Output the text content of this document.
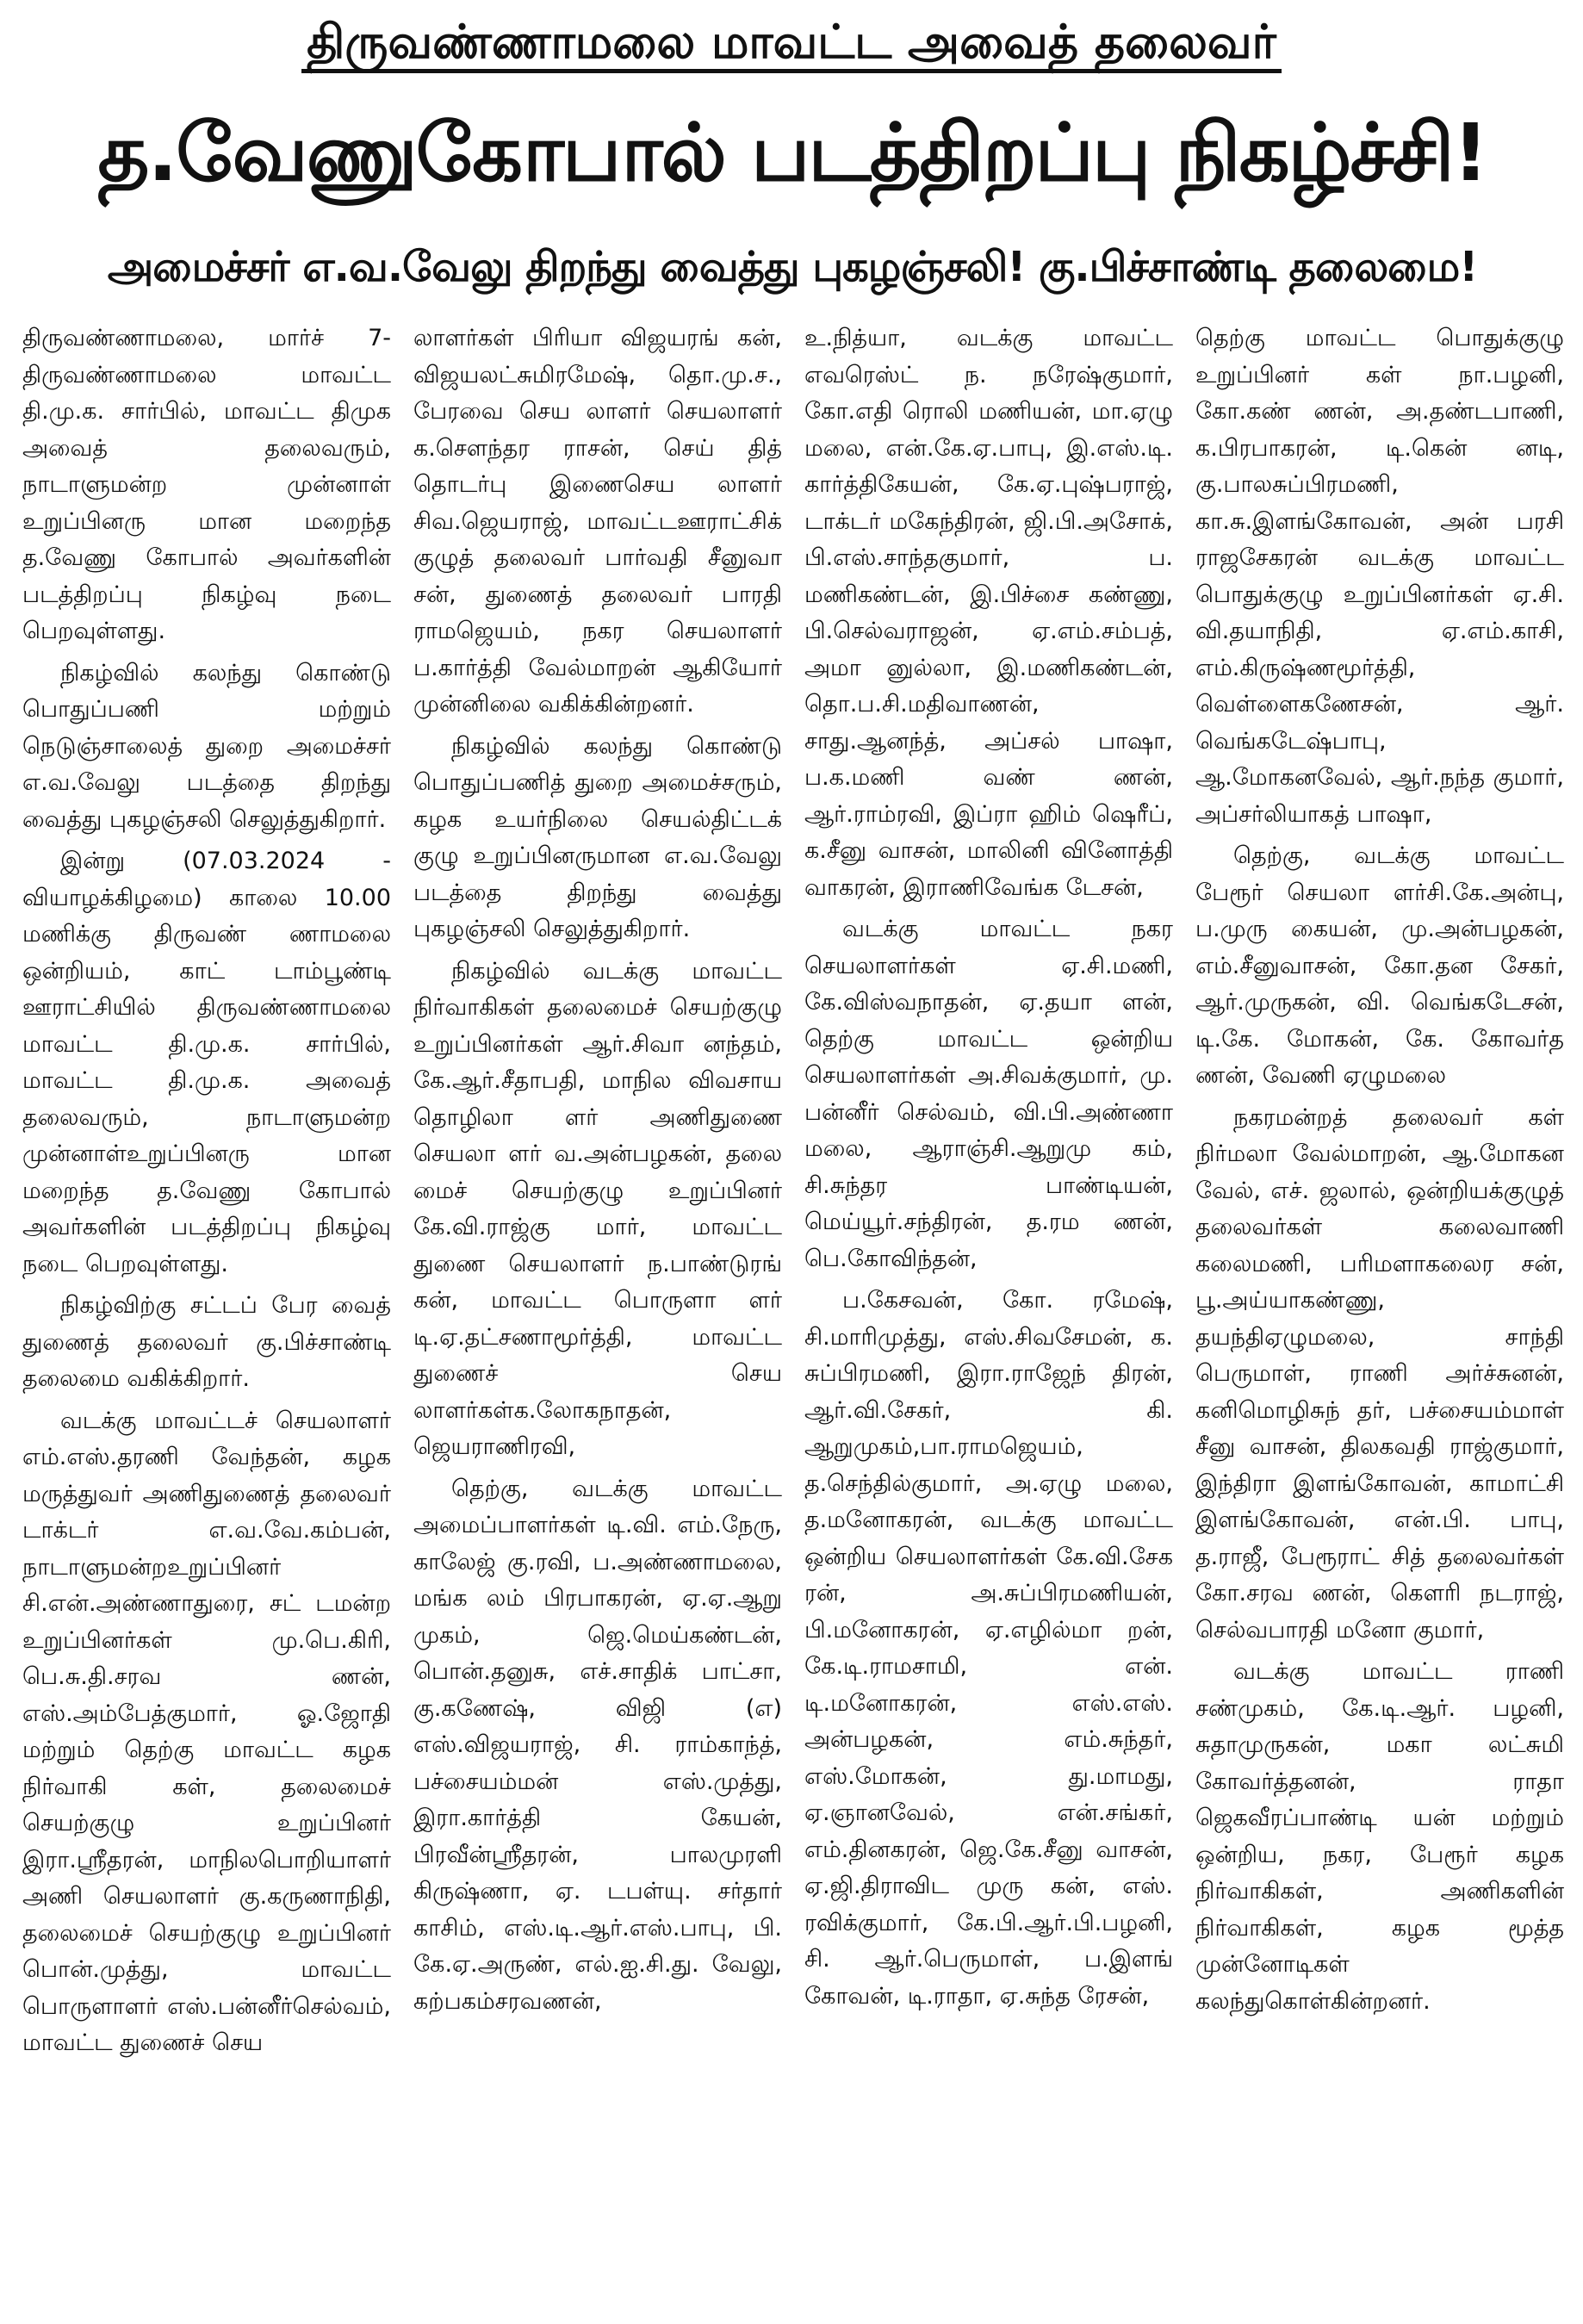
திருவண்ணாமலை மாவட்ட அவைத் தலைவர்
த.வேணுகோபால் படத்திறப்பு நிகழ்ச்சி!
அமைச்சர் எ.வ.வேலு திறந்து வைத்து புகழஞ்சலி! கு.பிச்சாண்டி தலைமை!

திருவண்ணாமலை, மார்ச் 7- திருவண்ணாமலை மாவட்ட தி.மு.க. சார்பில், மாவட்ட திமுக அவைத் தலைவரும், நாடாளுமன்ற முன்னாள் உறுப்பினரு மான மறைந்த த.வேணு கோபால் அவர்களின் படத்திறப்பு நிகழ்வு நடை பெறவுள்ளது.

நிகழ்வில் கலந்து கொண்டு பொதுப்பணி மற்றும் நெடுஞ்சாலைத் துறை அமைச்சர் எ.வ.வேலு படத்தை திறந்து வைத்து புகழஞ்சலி செலுத்துகிறார்.

இன்று (07.03.2024 - வியாழக்கிழமை) காலை 10.00 மணிக்கு திருவண் ணாமலை ஒன்றியம், காட் டாம்பூண்டி ஊராட்சியில் திருவண்ணாமலை மாவட்ட தி.மு.க. சார்பில், மாவட்ட தி.மு.க. அவைத் தலைவரும், நாடாளுமன்ற முன்னாள்உறுப்பினரு மான மறைந்த த.வேணு கோபால் அவர்களின் படத்திறப்பு நிகழ்வு நடை பெறவுள்ளது.

நிகழ்விற்கு சட்டப் பேர வைத் துணைத் தலைவர் கு.பிச்சாண்டி தலைமை வகிக்கிறார்.

வடக்கு மாவட்டச் செயலாளர் எம்.எஸ்.தரணி வேந்தன், கழக மருத்துவர் அணிதுணைத் தலைவர் டாக்டர் எ.வ.வே.கம்பன், நாடாளுமன்றஉறுப்பினர் சி.என்.அண்ணாதுரை, சட் டமன்ற உறுப்பினர்கள் மு.பெ.கிரி, பெ.சு.தி.சரவ ணன், எஸ்.அம்பேத்குமார், ஓ.ஜோதி மற்றும் தெற்கு மாவட்ட கழக நிர்வாகி கள், தலைமைச் செயற்குழு உறுப்பினர் இரா.ஸ்ரீதரன், மாநிலபொறியாளர் அணி செயலாளர் கு.கருணாநிதி, தலைமைச் செயற்குழு உறுப்பினர் பொன்.முத்து, மாவட்ட பொருளாளர் எஸ்.பன்னீர்செல்வம், மாவட்ட துணைச் செய

லாளர்கள் பிரியா விஜயரங் கன், விஜயலட்சுமிரமேஷ், தொ.மு.ச., பேரவை செய லாளர் செயலாளர் க.சௌந்தர ராசன், செய் தித் தொடர்பு இணைசெய லாளர் சிவ.ஜெயராஜ், மாவட்டஊராட்சிக் குழுத் தலைவர் பார்வதி சீனுவா சன், துணைத் தலைவர் பாரதி ராமஜெயம், நகர செயலாளர் ப.கார்த்தி வேல்மாறன் ஆகியோர் முன்னிலை வகிக்கின்றனர்.

நிகழ்வில் கலந்து கொண்டு பொதுப்பணித் துறை அமைச்சரும், கழக உயர்நிலை செயல்திட்டக் குழு உறுப்பினருமான எ.வ.வேலு படத்தை திறந்து வைத்து புகழஞ்சலி செலுத்துகிறார்.

நிகழ்வில் வடக்கு மாவட்ட நிர்வாகிகள் தலைமைச் செயற்குழு உறுப்பினர்கள் ஆர்.சிவா னந்தம், கே.ஆர்.சீதாபதி, மாநில விவசாய தொழிலா ளர் அணிதுணை செயலா ளர் வ.அன்பழகன், தலை மைச் செயற்குழு உறுப்பினர் கே.வி.ராஜ்கு மார், மாவட்ட துணை செயலாளர் ந.பாண்டுரங் கன், மாவட்ட பொருளா ளர் டி.ஏ.தட்சணாமூர்த்தி, மாவட்ட துணைச் செய லாளர்கள்க.லோகநாதன், ஜெயராணிரவி,

தெற்கு, வடக்கு மாவட்ட அமைப்பாளர்கள் டி.வி. எம்.நேரு, காலேஜ் கு.ரவி, ப.அண்ணாமலை, மங்க லம் பிரபாகரன், ஏ.ஏ.ஆறு முகம், ஜெ.மெய்கண்டன், பொன்.தனுசு, எச்.சாதிக் பாட்சா, கு.கணேஷ், விஜி (எ) எஸ்.விஜயராஜ், சி. ராம்காந்த், பச்சையம்மன் எஸ்.முத்து, இரா.கார்த்தி கேயன், பிரவீன்ஸ்ரீதரன், பாலமுரளி கிருஷ்ணா, ஏ. டபள்யு. சர்தார் காசிம், எஸ்.டி.ஆர்.எஸ்.பாபு, பி. கே.ஏ.அருண், எல்.ஐ.சி.து. வேலு, கற்பகம்சரவணன்,

உ.நித்யா, வடக்கு மாவட்ட எவரெஸ்ட் ந. நரேஷ்குமார், கோ.எதி ரொலி மணியன், மா.ஏழு மலை, என்.கே.ஏ.பாபு, இ.எஸ்.டி. கார்த்திகேயன், கே.ஏ.புஷ்பராஜ், டாக்டர் மகேந்திரன், ஜி.பி.அசோக், பி.எஸ்.சாந்தகுமார், ப. மணிகண்டன், இ.பிச்சை கண்ணு, பி.செல்வராஜன், ஏ.எம்.சம்பத், அமா னுல்லா, இ.மணிகண்டன், தொ.ப.சி.மதிவாணன், சாது.ஆனந்த், அப்சல் பாஷா, ப.க.மணி வண் ணன், ஆர்.ராம்ரவி, இப்ரா ஹிம் ஷெரீப், க.சீனு வாசன், மாலினி வினோத்தி வாகரன், இராணிவேங்க டேசன்,

வடக்கு மாவட்ட நகர செயலாளர்கள் ஏ.சி.மணி, கே.விஸ்வநாதன், ஏ.தயா ளன், தெற்கு மாவட்ட ஒன்றிய செயலாளர்கள் அ.சிவக்குமார், மு. பன்னீர் செல்வம், வி.பி.அண்ணா மலை, ஆராஞ்சி.ஆறுமு கம், சி.சுந்தர பாண்டியன், மெய்யூர்.சந்திரன், த.ரம ணன், பெ.கோவிந்தன்,

ப.கேசவன், கோ. ரமேஷ், சி.மாரிமுத்து, எஸ்.சிவசேமன், க. சுப்பிரமணி, இரா.ராஜேந் திரன், ஆர்.வி.சேகர், கி. ஆறுமுகம்,பா.ராமஜெயம், த.செந்தில்குமார், அ.ஏழு மலை, த.மனோகரன், வடக்கு மாவட்ட ஒன்றிய செயலாளர்கள் கே.வி.சேக ரன், அ.சுப்பிரமணியன், பி.மனோகரன், ஏ.எழில்மா றன், கே.டி.ராமசாமி, என். டி.மனோகரன், எஸ்.எஸ். அன்பழகன், எம்.சுந்தர், எஸ்.மோகன், து.மாமது, ஏ.ஞானவேல், என்.சங்கர், எம்.தினகரன், ஜெ.கே.சீனு வாசன், ஏ.ஜி.திராவிட முரு கன், எஸ். ரவிக்குமார், கே.பி.ஆர்.பி.பழனி, சி. ஆர்.பெருமாள், ப.இளங் கோவன், டி.ராதா, ஏ.சுந்த ரேசன்,

தெற்கு மாவட்ட பொதுக்குழு உறுப்பினர் கள் நா.பழனி, கோ.கண் ணன், அ.தண்டபாணி, க.பிரபாகரன், டி.கென் னடி, கு.பாலசுப்பிரமணி, கா.சு.இளங்கோவன், அன் பரசி ராஜசேகரன் வடக்கு மாவட்ட பொதுக்குழு உறுப்பினர்கள் ஏ.சி. வி.தயாநிதி, ஏ.எம்.காசி, எம்.கிருஷ்ணமூர்த்தி, வெள்ளைகணேசன், ஆர். வெங்கடேஷ்பாபு, ஆ.மோகனவேல், ஆர்.நந்த குமார், அப்சர்லியாகத் பாஷா,

தெற்கு, வடக்கு மாவட்ட பேரூர் செயலா ளர்சி.கே.அன்பு, ப.முரு கையன், மு.அன்பழகன், எம்.சீனுவாசன், கோ.தன சேகர், ஆர்.முருகன், வி. வெங்கடேசன், டி.கே. மோகன், கே. கோவர்த ணன், வேணி ஏழுமலை

நகரமன்றத் தலைவர் கள் நிர்மலா வேல்மாறன், ஆ.மோகன வேல், எச். ஜலால், ஒன்றியக்குழுத் தலைவர்கள் கலைவாணி கலைமணி, பரிமளாகலைர சன், பூ.அய்யாகண்ணு, தயந்திஏழுமலை, சாந்தி பெருமாள், ராணி அர்ச்சுனன், கனிமொழிசுந் தர், பச்சையம்மாள் சீனு வாசன், திலகவதி ராஜ்குமார், இந்திரா இளங்கோவன், காமாட்சி இளங்கோவன், என்.பி. பாபு, த.ராஜீ, பேரூராட் சித் தலைவர்கள் கோ.சரவ ணன், கௌரி நடராஜ், செல்வபாரதி மனோ குமார்,

வடக்கு மாவட்ட ராணி சண்முகம், கே.டி.ஆர். பழனி, சுதாமுருகன், மகா லட்சுமி கோவர்த்தனன், ராதா ஜெகவீரப்பாண்டி யன் மற்றும் ஒன்றிய, நகர, பேரூர் கழக நிர்வாகிகள், அணிகளின் நிர்வாகிகள், கழக மூத்த முன்னோடிகள் கலந்துகொள்கின்றனர்.
